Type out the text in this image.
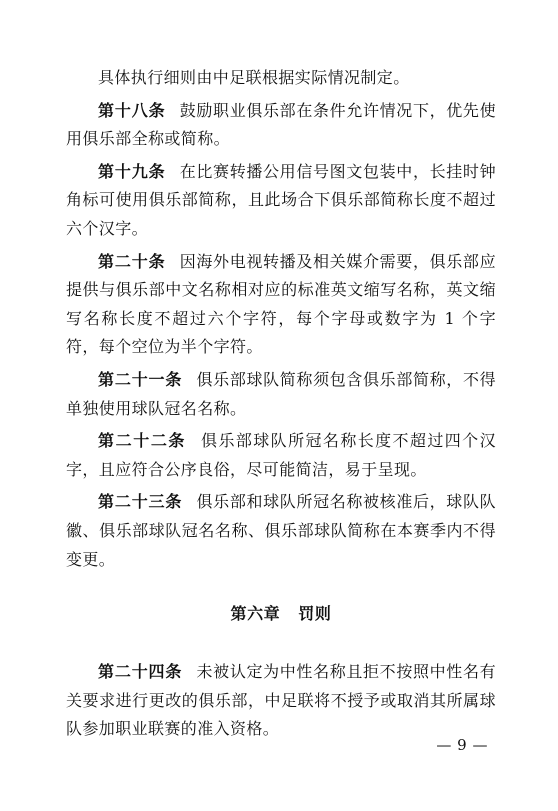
具体执行细则由中足联根据实际情况制定。

第十八条 鼓励职业俱乐部在条件允许情况下，优先使用俱乐部全称或简称。

第十九条 在比赛转播公用信号图文包装中，长挂时钟角标可使用俱乐部简称，且此场合下俱乐部简称长度不超过六个汉字。

第二十条 因海外电视转播及相关媒介需要，俱乐部应提供与俱乐部中文名称相对应的标准英文缩写名称，英文缩写名称长度不超过六个字符，每个字母或数字为 1 个字符，每个空位为半个字符。

第二十一条 俱乐部球队简称须包含俱乐部简称，不得单独使用球队冠名名称。

第二十二条 俱乐部球队所冠名称长度不超过四个汉字，且应符合公序良俗，尽可能简洁，易于呈现。

第二十三条 俱乐部和球队所冠名称被核准后，球队队徽、俱乐部球队冠名名称、俱乐部球队简称在本赛季内不得变更。

第六章 罚则

第二十四条 未被认定为中性名称且拒不按照中性名有关要求进行更改的俱乐部，中足联将不授予或取消其所属球队参加职业联赛的准入资格。

— 9 —
